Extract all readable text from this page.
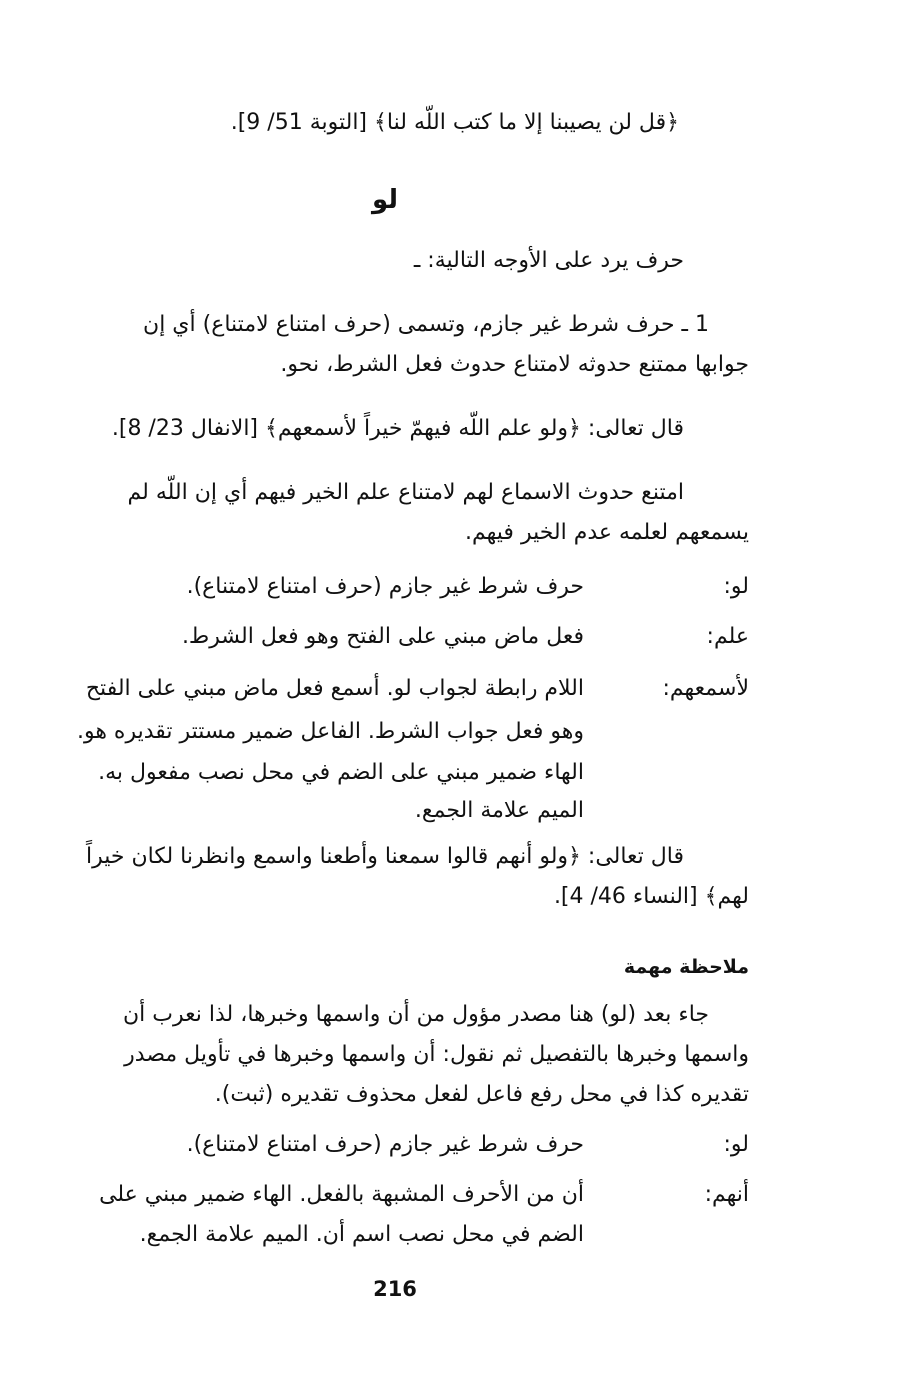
﴿قل لن يصيبنا إلا ما كتب اللّه لنا﴾ [التوبة 51/ 9].
لو
حرف يرد على الأوجه التالية: ـ
1 ـ حرف شرط غير جازم، وتسمى (حرف امتناع لامتناع) أي إن
جوابها ممتنع حدوثه لامتناع حدوث فعل الشرط، نحو.
قال تعالى: ﴿ولو علم اللّه فيهمّ خيراً لأسمعهم﴾ [الانفال 23/ 8].
امتنع حدوث الاسماع لهم لامتناع علم الخير فيهم أي إن اللّه لم
يسمعهم لعلمه عدم الخير فيهم.
لو:
حرف شرط غير جازم (حرف امتناع لامتناع).
علم:
فعل ماض مبني على الفتح وهو فعل الشرط.
لأسمعهم:
اللام رابطة لجواب لو. أسمع فعل ماض مبني على الفتح
وهو فعل جواب الشرط. الفاعل ضمير مستتر تقديره هو.
الهاء ضمير مبني على الضم في محل نصب مفعول به.
الميم علامة الجمع.
قال تعالى: ﴿ولو أنهم قالوا سمعنا وأطعنا واسمع وانظرنا لكان خيراً
لهم﴾ [النساء 46/ 4].
ملاحظة مهمة
جاء بعد (لو) هنا مصدر مؤول من أن واسمها وخبرها، لذا نعرب أن
واسمها وخبرها بالتفصيل ثم نقول: أن واسمها وخبرها في تأويل مصدر
تقديره كذا في محل رفع فاعل لفعل محذوف تقديره (ثبت).
لو:
حرف شرط غير جازم (حرف امتناع لامتناع).
أنهم:
أن من الأحرف المشبهة بالفعل. الهاء ضمير مبني على
الضم في محل نصب اسم أن. الميم علامة الجمع.
216
